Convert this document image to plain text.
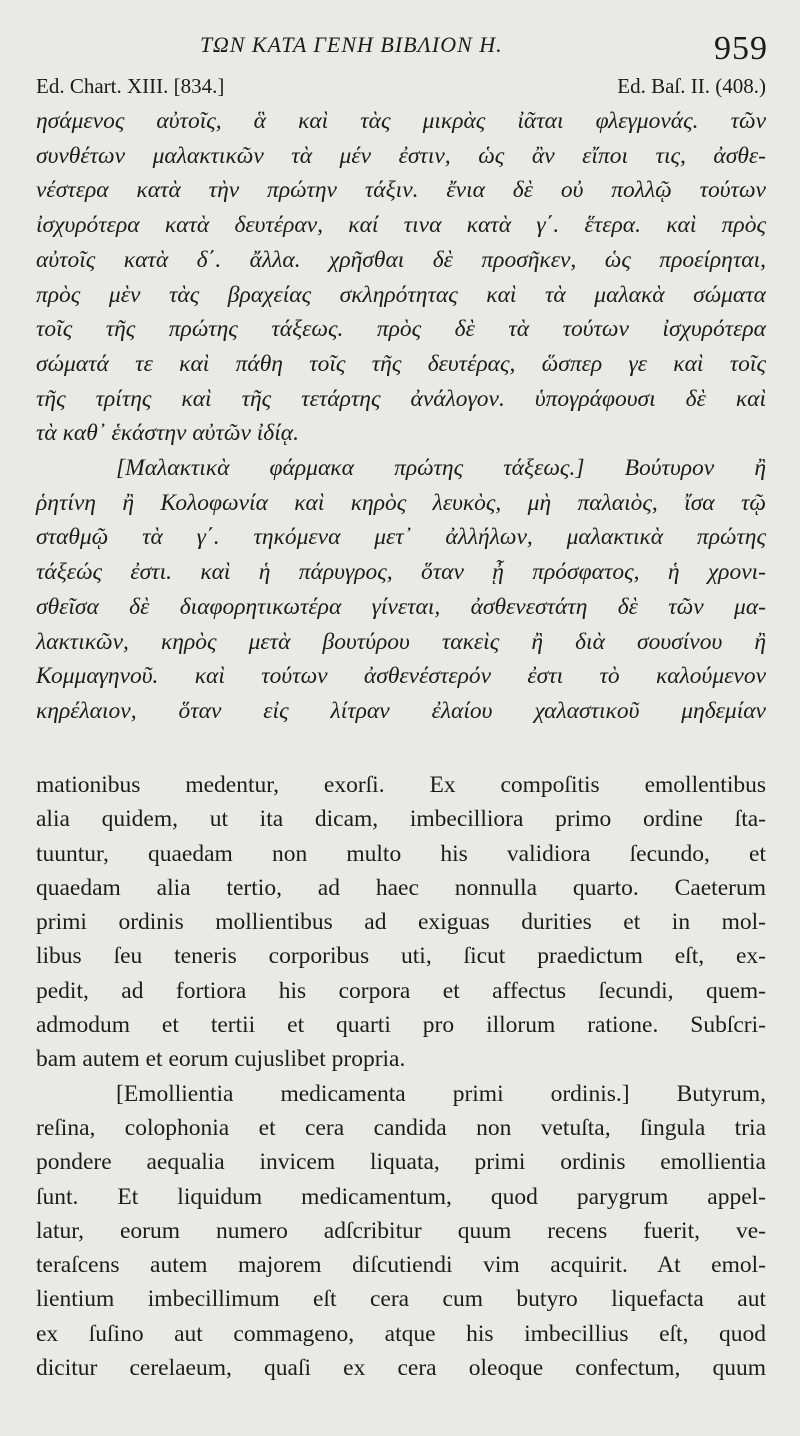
ΤΩΝ ΚΑΤΑ ΓΕΝΗ ΒΙΒΛΙΟΝ Η.	959
Ed. Chart. XIII. [834.]	Ed. Baſ. II. (408.)
ησάμενος αὐτοῖς, ἃ καὶ τὰς μικρὰς ἰᾶται φλεγμονάς. τῶν
συνθέτων μαλακτικῶν τὰ μέν ἐστιν, ὡς ἂν εἴποι τις, ἀσθε-
νέστερα κατὰ τὴν πρώτην τάξιν. ἔνια δὲ οὐ πολλῷ τούτων
ἰσχυρότερα κατὰ δευτέραν, καί τινα κατὰ γ΄. ἕτερα. καὶ πρὸς
αὐτοῖς κατὰ δ΄. ἄλλα. χρῆσθαι δὲ προσῆκεν, ὡς προείρηται,
πρὸς μὲν τὰς βραχείας σκληρότητας καὶ τὰ μαλακὰ σώματα
τοῖς τῆς πρώτης τάξεως. πρὸς δὲ τὰ τούτων ἰσχυρότερα
σώματά τε καὶ πάθη τοῖς τῆς δευτέρας, ὥσπερ γε καὶ τοῖς
τῆς τρίτης καὶ τῆς τετάρτης ἀνάλογον. ὑπογράφουσι δὲ καὶ
τὰ καθ᾿ ἑκάστην αὐτῶν ἰδίᾳ.
[Μαλακτικὰ φάρμακα πρώτης τάξεως.] Βούτυρον ἢ
ῥητίνη ἢ Κολοφωνία καὶ κηρὸς λευκὸς, μὴ παλαιὸς, ἴσα τῷ
σταθμῷ τὰ γ΄. τηκόμενα μετ᾿ ἀλλήλων, μαλακτικὰ πρώτης
τάξεώς ἐστι. καὶ ἡ πάρυγρος, ὅταν ᾖ πρόσφατος, ἡ χρονι-
σθεῖσα δὲ διαφορητικωτέρα γίνεται, ἀσθενεστάτη δὲ τῶν μα-
λακτικῶν, κηρὸς μετὰ βουτύρου τακεὶς ἢ διὰ σουσίνου ἢ
Κομμαγηνοῦ. καὶ τούτων ἀσθενέστερόν ἐστι τὸ καλούμενον
κηρέλαιον, ὅταν εἰς λίτραν ἐλαίου χαλαστικοῦ μηδεμίαν
mationibus medentur, exorſi. Ex compoſitis emollentibus
alia quidem, ut ita dicam, imbecilliora primo ordine ſta-
tuuntur, quaedam non multo his validiora ſecundo, et
quaedam alia tertio, ad haec nonnulla quarto. Caeterum
primi ordinis mollientibus ad exiguas durities et in mol-
libus ſeu teneris corporibus uti, ſicut praedictum eſt, ex-
pedit, ad fortiora his corpora et affectus ſecundi, quem-
admodum et tertii et quarti pro illorum ratione. Subſcri-
bam autem et eorum cujuslibet propria.
[Emollientia medicamenta primi ordinis.] Butyrum,
reſina, colophonia et cera candida non vetuſta, ſingula tria
pondere aequalia invicem liquata, primi ordinis emollientia
ſunt. Et liquidum medicamentum, quod parygrum appel-
latur, eorum numero adſcribitur quum recens fuerit, ve-
teraſcens autem majorem diſcutiendi vim acquirit. At emol-
lientium imbecillimum eſt cera cum butyro liquefacta aut
ex ſuſino aut commageno, atque his imbecillius eſt, quod
dicitur cerelaeum, quaſi ex cera oleoque confectum, quum
